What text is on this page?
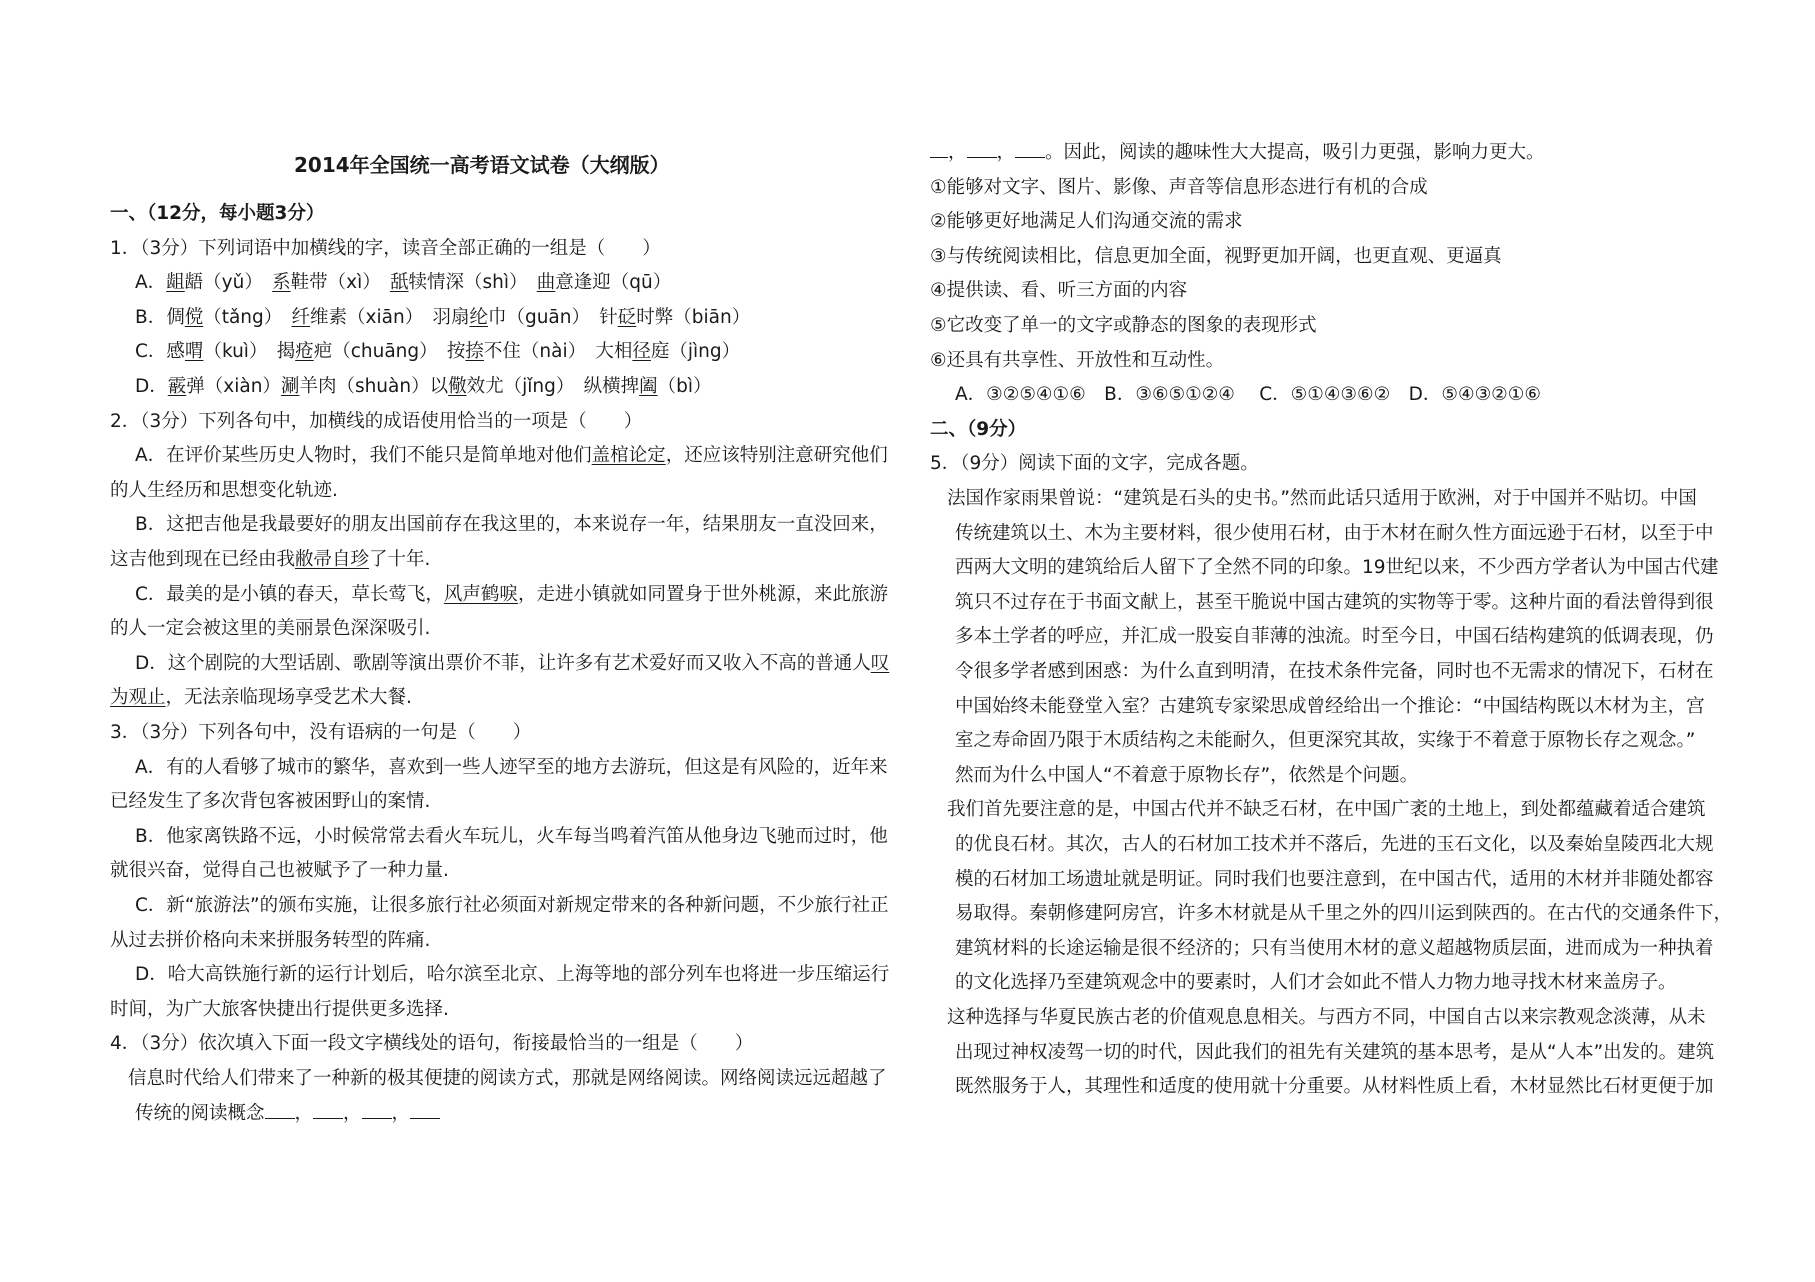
2014年全国统一高考语文试卷（大纲版）
一、（12分，每小题3分）
1．（3分）下列词语中加横线的字，读音全部正确的一组是（　　）
A．龃龉（yǔ）　系鞋带（xì）　舐犊情深（shì）　曲意逢迎（qū）
B．倜傥（tǎng）　纤维素（xiān）　羽扇纶巾（guān）　针砭时弊（biān）
C．感喟（kuì）　揭疮疤（chuāng）　按捺不住（nài）　大相径庭（jìng）
D．霰弹（xiàn）涮羊肉（shuàn）以儆效尤（jǐng）　纵横捭阖（bì）
2．（3分）下列各句中，加横线的成语使用恰当的一项是（　　）
A．在评价某些历史人物时，我们不能只是简单地对他们盖棺论定，还应该特别注意研究他们
的人生经历和思想变化轨迹.
B．这把吉他是我最要好的朋友出国前存在我这里的，本来说存一年，结果朋友一直没回来，
这吉他到现在已经由我敝帚自珍了十年.
C．最美的是小镇的春天，草长莺飞，风声鹤唳，走进小镇就如同置身于世外桃源，来此旅游
的人一定会被这里的美丽景色深深吸引.
D．这个剧院的大型话剧、歌剧等演出票价不菲，让许多有艺术爱好而又收入不高的普通人叹
为观止，无法亲临现场享受艺术大餐.
3．（3分）下列各句中，没有语病的一句是（　　）
A．有的人看够了城市的繁华，喜欢到一些人迹罕至的地方去游玩，但这是有风险的，近年来
已经发生了多次背包客被困野山的案情.
B．他家离铁路不远，小时候常常去看火车玩儿，火车每当鸣着汽笛从他身边飞驰而过时，他
就很兴奋，觉得自己也被赋予了一种力量.
C．新“旅游法”的颁布实施，让很多旅行社必须面对新规定带来的各种新问题，不少旅行社正
从过去拼价格向未来拼服务转型的阵痛.
D．哈大高铁施行新的运行计划后，哈尔滨至北京、上海等地的部分列车也将进一步压缩运行
时间，为广大旅客快捷出行提供更多选择.
4．（3分）依次填入下面一段文字横线处的语句，衔接最恰当的一组是（　　）
信息时代给人们带来了一种新的极其便捷的阅读方式，那就是网络阅读。网络阅读远远超越了
传统的阅读概念 ， ， ，
， ， 。因此，阅读的趣味性大大提高，吸引力更强，影响力更大。
①能够对文字、图片、影像、声音等信息形态进行有机的合成
②能够更好地满足人们沟通交流的需求
③与传统阅读相比，信息更加全面，视野更加开阔，也更直观、更逼真
④提供读、看、听三方面的内容
⑤它改变了单一的文字或静态的图象的表现形式
⑥还具有共享性、开放性和互动性。
A．③②⑤④①⑥　B．③⑥⑤①②④　 C．⑤①④③⑥②　D．⑤④③②①⑥
二、（9分）
5．（9分）阅读下面的文字，完成各题。
法国作家雨果曾说：“建筑是石头的史书。”然而此话只适用于欧洲，对于中国并不贴切。中国
传统建筑以土、木为主要材料，很少使用石材，由于木材在耐久性方面远逊于石材，以至于中
西两大文明的建筑给后人留下了全然不同的印象。19世纪以来，不少西方学者认为中国古代建
筑只不过存在于书面文献上，甚至干脆说中国古建筑的实物等于零。这种片面的看法曾得到很
多本土学者的呼应，并汇成一股妄自菲薄的浊流。时至今日，中国石结构建筑的低调表现，仍
令很多学者感到困惑：为什么直到明清，在技术条件完备，同时也不无需求的情况下，石材在
中国始终未能登堂入室？古建筑专家梁思成曾经给出一个推论：“中国结构既以木材为主，宫
室之寿命固乃限于木质结构之未能耐久，但更深究其故，实缘于不着意于原物长存之观念。”
然而为什么中国人“不着意于原物长存”，依然是个问题。
我们首先要注意的是，中国古代并不缺乏石材，在中国广袤的土地上，到处都蕴藏着适合建筑
的优良石材。其次，古人的石材加工技术并不落后，先进的玉石文化，以及秦始皇陵西北大规
模的石材加工场遗址就是明证。同时我们也要注意到，在中国古代，适用的木材并非随处都容
易取得。秦朝修建阿房宫，许多木材就是从千里之外的四川运到陕西的。在古代的交通条件下，
建筑材料的长途运输是很不经济的；只有当使用木材的意义超越物质层面，进而成为一种执着
的文化选择乃至建筑观念中的要素时，人们才会如此不惜人力物力地寻找木材来盖房子。
这种选择与华夏民族古老的价值观息息相关。与西方不同，中国自古以来宗教观念淡薄，从未
出现过神权凌驾一切的时代，因此我们的祖先有关建筑的基本思考，是从“人本”出发的。建筑
既然服务于人，其理性和适度的使用就十分重要。从材料性质上看，木材显然比石材更便于加
